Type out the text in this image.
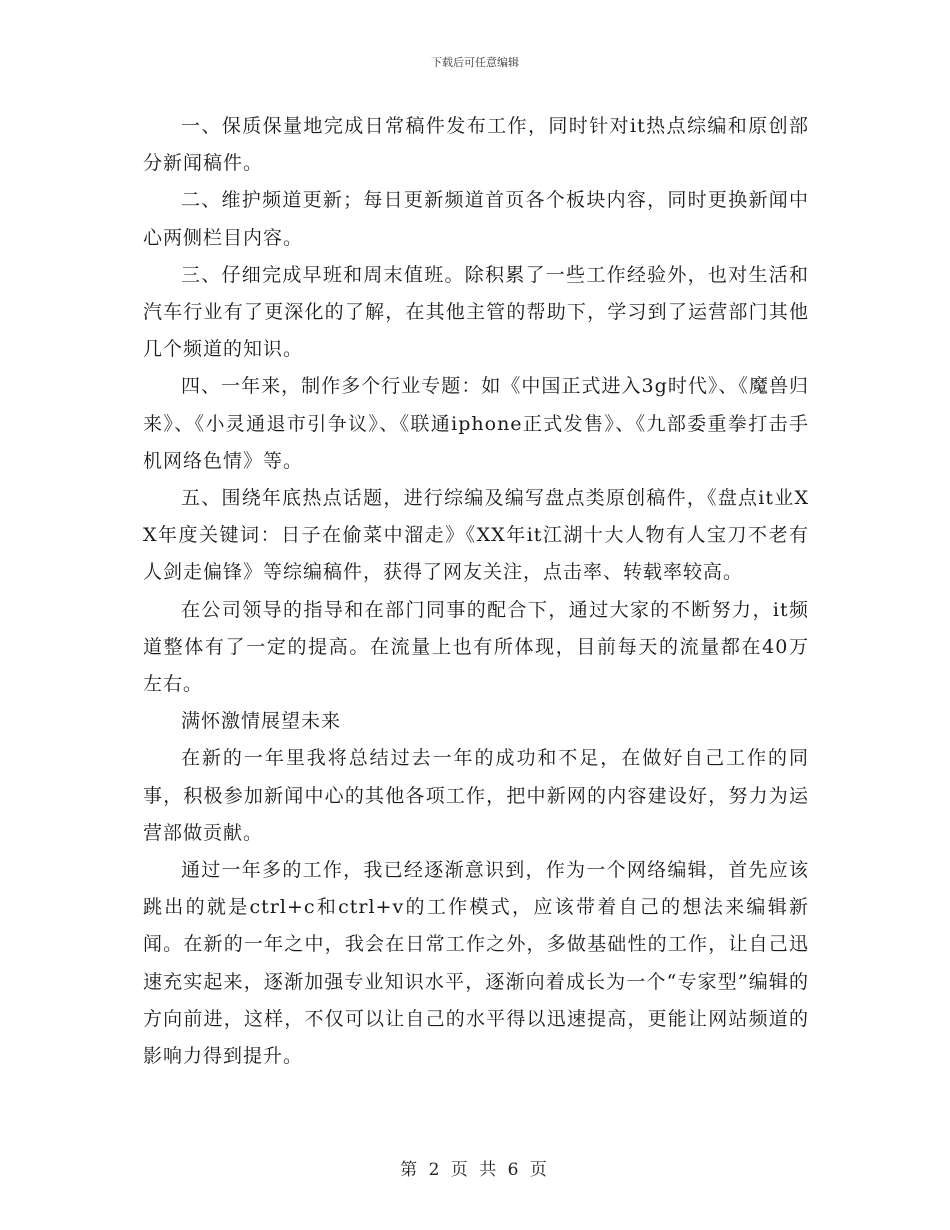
下载后可任意编辑

一、保质保量地完成日常稿件发布工作，同时针对it热点综编和原创部分新闻稿件。

二、维护频道更新；每日更新频道首页各个板块内容，同时更换新闻中心两侧栏目内容。

三、仔细完成早班和周末值班。除积累了一些工作经验外，也对生活和汽车行业有了更深化的了解，在其他主管的帮助下，学习到了运营部门其他几个频道的知识。

四、一年来，制作多个行业专题：如《中国正式进入3g时代》、《魔兽归来》、《小灵通退市引争议》、《联通iphone正式发售》、《九部委重拳打击手机网络色情》等。

五、围绕年底热点话题，进行综编及编写盘点类原创稿件，《盘点it业XX年度关键词：日子在偷菜中溜走》《XX年it江湖十大人物有人宝刀不老有人剑走偏锋》等综编稿件，获得了网友关注，点击率、转载率较高。

在公司领导的指导和在部门同事的配合下，通过大家的不断努力，it频道整体有了一定的提高。在流量上也有所体现，目前每天的流量都在40万左右。

满怀激情展望未来

在新的一年里我将总结过去一年的成功和不足，在做好自己工作的同事，积极参加新闻中心的其他各项工作，把中新网的内容建设好，努力为运营部做贡献。

通过一年多的工作，我已经逐渐意识到，作为一个网络编辑，首先应该跳出的就是ctrl+c和ctrl+v的工作模式，应该带着自己的想法来编辑新闻。在新的一年之中，我会在日常工作之外，多做基础性的工作，让自己迅速充实起来，逐渐加强专业知识水平，逐渐向着成长为一个“专家型”编辑的方向前进，这样，不仅可以让自己的水平得以迅速提高，更能让网站频道的影响力得到提升。

第 2 页 共 6 页
